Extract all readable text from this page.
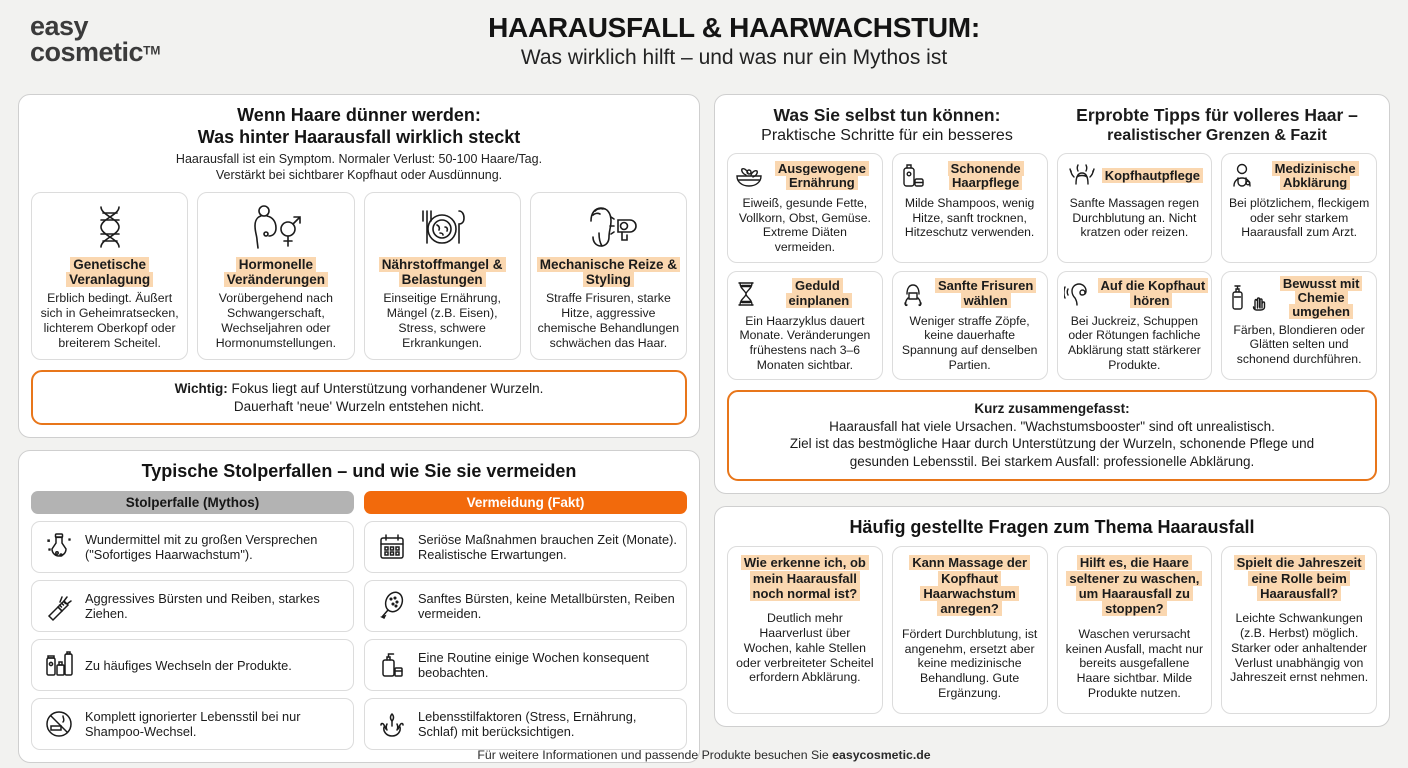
easy
cosmetic™
HAARAUSFALL & HAARWACHSTUM:
Was wirklich hilft – und was nur ein Mythos ist
Wenn Haare dünner werden:
Was hinter Haarausfall wirklich steckt
Haarausfall ist ein Symptom. Normaler Verlust: 50-100 Haare/Tag.
Verstärkt bei sichtbarer Kopfhaut oder Ausdünnung.
Genetische Veranlagung
Erblich bedingt. Äußert sich in Geheimratsecken, lichterem Oberkopf oder breiterem Scheitel.
Hormonelle Veränderungen
Vorübergehend nach Schwangerschaft, Wechseljahren oder Hormonumstellungen.
Nährstoffmangel & Belastungen
Einseitige Ernährung, Mängel (z.B. Eisen), Stress, schwere Erkrankungen.
Mechanische Reize & Styling
Straffe Frisuren, starke Hitze, aggressive chemische Behandlungen schwächen das Haar.
Wichtig: Fokus liegt auf Unterstützung vorhandener Wurzeln.
Dauerhaft 'neue' Wurzeln entstehen nicht.
Typische Stolperfallen – und wie Sie sie vermeiden
Stolperfalle (Mythos)	Vermeidung (Fakt)
Wundermittel mit zu großen Versprechen ("Sofortiges Haarwachstum").
Aggressives Bürsten und Reiben, starkes Ziehen.
Zu häufiges Wechseln der Produkte.
Komplett ignorierter Lebensstil bei nur Shampoo-Wechsel.
Seriöse Maßnahmen brauchen Zeit (Monate). Realistische Erwartungen.
Sanftes Bürsten, keine Metallbürsten, Reiben vermeiden.
Eine Routine einige Wochen konsequent beobachten.
Lebensstilfaktoren (Stress, Ernährung, Schlaf) mit berücksichtigen.
Was Sie selbst tun können:
Praktische Schritte für ein besseres
Erprobte Tipps für volleres Haar –
realistischer Grenzen & Fazit
Ausgewogene Ernährung
Eiweiß, gesunde Fette, Vollkorn, Obst, Gemüse. Extreme Diäten vermeiden.
Schonende Haarpflege
Milde Shampoos, wenig Hitze, sanft trocknen, Hitzeschutz verwenden.
Kopfhautpflege
Sanfte Massagen regen Durchblutung an. Nicht kratzen oder reizen.
Medizinische Abklärung
Bei plötzlichem, fleckigem oder sehr starkem Haarausfall zum Arzt.
Geduld einplanen
Ein Haarzyklus dauert Monate. Veränderungen frühestens nach 3–6 Monaten sichtbar.
Sanfte Frisuren wählen
Weniger straffe Zöpfe, keine dauerhafte Spannung auf denselben Partien.
Auf die Kopfhaut hören
Bei Juckreiz, Schuppen oder Rötungen fachliche Abklärung statt stärkerer Produkte.
Bewusst mit Chemie umgehen
Färben, Blondieren oder Glätten selten und schonend durchführen.
Kurz zusammengefasst:
Haarausfall hat viele Ursachen. "Wachstumsbooster" sind oft unrealistisch.
Ziel ist das bestmögliche Haar durch Unterstützung der Wurzeln, schonende Pflege und
gesunden Lebensstil. Bei starkem Ausfall: professionelle Abklärung.
Häufig gestellte Fragen zum Thema Haarausfall
Wie erkenne ich, ob mein Haarausfall noch normal ist?
Deutlich mehr Haarverlust über Wochen, kahle Stellen oder verbreiteter Scheitel erfordern Abklärung.
Kann Massage der Kopfhaut Haarwachstum anregen?
Fördert Durchblutung, ist angenehm, ersetzt aber keine medizinische Behandlung. Gute Ergänzung.
Hilft es, die Haare seltener zu waschen, um Haarausfall zu stoppen?
Waschen verursacht keinen Ausfall, macht nur bereits ausgefallene Haare sichtbar. Milde Produkte nutzen.
Spielt die Jahreszeit eine Rolle beim Haarausfall?
Leichte Schwankungen (z.B. Herbst) möglich. Starker oder anhaltender Verlust unabhängig von Jahreszeit ernst nehmen.
Für weitere Informationen und passende Produkte besuchen Sie easycosmetic.de
